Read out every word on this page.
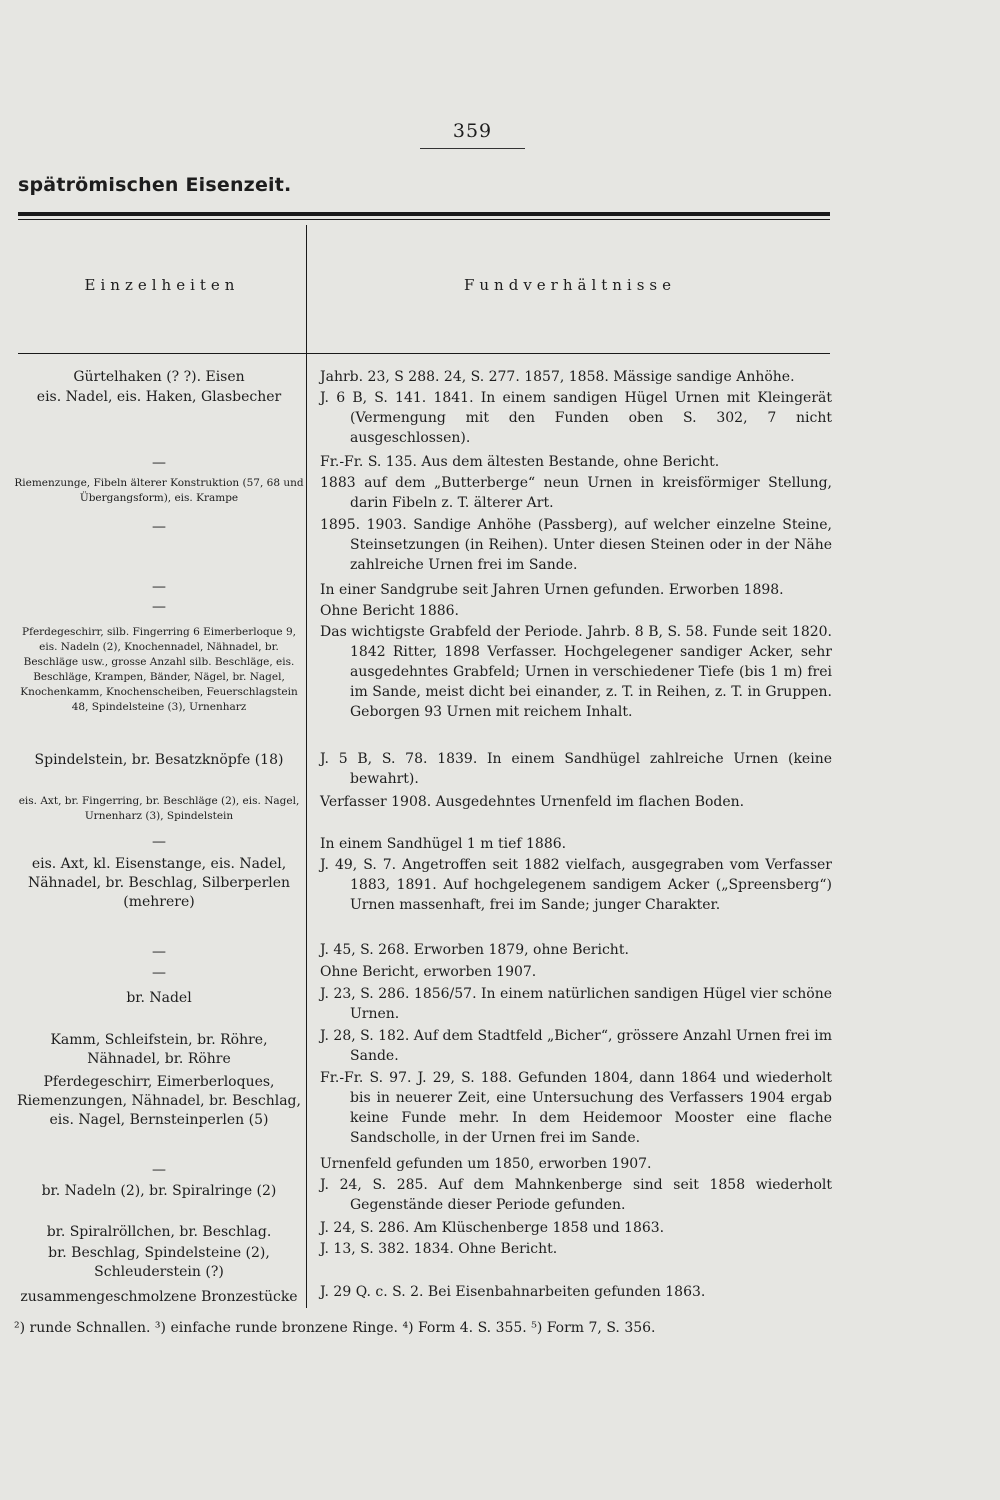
359
spätrömischen Eisenzeit.
Einzelheiten	Fundverhältnisse
Gürtelhaken (? ?). Eisen
eis. Nadel, eis. Haken, Glasbecher
—
Riemenzunge, Fibeln älterer Konstruktion (57, 68 und Übergangsform), eis. Krampe
—
—
—
Pferdegeschirr, silb. Fingerring 6 Eimerberloque 9, eis. Nadeln (2), Knochennadel, Nähnadel, br. Beschläge usw., grosse Anzahl silb. Beschläge, eis. Beschläge, Krampen, Bänder, Nägel, br. Nagel, Knochenkamm, Knochenscheiben, Feuerschlagstein 48, Spindelsteine (3), Urnenharz
Spindelstein, br. Besatzknöpfe (18)
eis. Axt, br. Fingerring, br. Beschläge (2), eis. Nagel, Urnenharz (3), Spindelstein
—
eis. Axt, kl. Eisenstange, eis. Nadel, Nähnadel, br. Beschlag, Silberperlen (mehrere)
—
—
br. Nadel
Kamm, Schleifstein, br. Röhre, Nähnadel, br. Röhre
Pferdegeschirr, Eimerberloques, Riemenzungen, Nähnadel, br. Beschlag, eis. Nagel, Bernsteinperlen (5)
—
br. Nadeln (2), br. Spiralringe (2)
br. Spiralröllchen, br. Beschlag.
br. Beschlag, Spindelsteine (2), Schleuderstein (?)
zusammengeschmolzene Bronzestücke
Jahrb. 23, S 288. 24, S. 277. 1857, 1858. Mässige sandige Anhöhe.
J. 6 B, S. 141. 1841. In einem sandigen Hügel Urnen mit Kleingerät (Vermengung mit den Funden oben S. 302, 7 nicht ausgeschlossen).
Fr.-Fr. S. 135. Aus dem ältesten Bestande, ohne Bericht.
1883 auf dem „Butterberge“ neun Urnen in kreisförmiger Stellung, darin Fibeln z. T. älterer Art.
1895. 1903. Sandige Anhöhe (Passberg), auf welcher einzelne Steine, Steinsetzungen (in Reihen). Unter diesen Steinen oder in der Nähe zahlreiche Urnen frei im Sande.
In einer Sandgrube seit Jahren Urnen gefunden. Erworben 1898.
Ohne Bericht 1886.
Das wichtigste Grabfeld der Periode. Jahrb. 8 B, S. 58. Funde seit 1820. 1842 Ritter, 1898 Verfasser. Hochgelegener sandiger Acker, sehr ausgedehntes Grabfeld; Urnen in verschiedener Tiefe (bis 1 m) frei im Sande, meist dicht bei einander, z. T. in Reihen, z. T. in Gruppen. Geborgen 93 Urnen mit reichem Inhalt.
J. 5 B, S. 78. 1839. In einem Sandhügel zahlreiche Urnen (keine bewahrt).
Verfasser 1908. Ausgedehntes Urnenfeld im flachen Boden.
In einem Sandhügel 1 m tief 1886.
J. 49, S. 7. Angetroffen seit 1882 vielfach, ausgegraben vom Verfasser 1883, 1891. Auf hochgelegenem sandigem Acker („Spreensberg“) Urnen massenhaft, frei im Sande; junger Charakter.
J. 45, S. 268. Erworben 1879, ohne Bericht.
Ohne Bericht, erworben 1907.
J. 23, S. 286. 1856/57. In einem natürlichen sandigen Hügel vier schöne Urnen.
J. 28, S. 182. Auf dem Stadtfeld „Bicher“, grössere Anzahl Urnen frei im Sande.
Fr.-Fr. S. 97. J. 29, S. 188. Gefunden 1804, dann 1864 und wiederholt bis in neuerer Zeit, eine Untersuchung des Verfassers 1904 ergab keine Funde mehr. In dem Heidemoor Mooster eine flache Sandscholle, in der Urnen frei im Sande.
Urnenfeld gefunden um 1850, erworben 1907.
J. 24, S. 285. Auf dem Mahnkenberge sind seit 1858 wiederholt Gegenstände dieser Periode gefunden.
J. 24, S. 286. Am Klüschenberge 1858 und 1863.
J. 13, S. 382. 1834. Ohne Bericht.
J. 29 Q. c. S. 2. Bei Eisenbahnarbeiten gefunden 1863.
²) runde Schnallen. ³) einfache runde bronzene Ringe. ⁴) Form 4. S. 355. ⁵) Form 7, S. 356.
